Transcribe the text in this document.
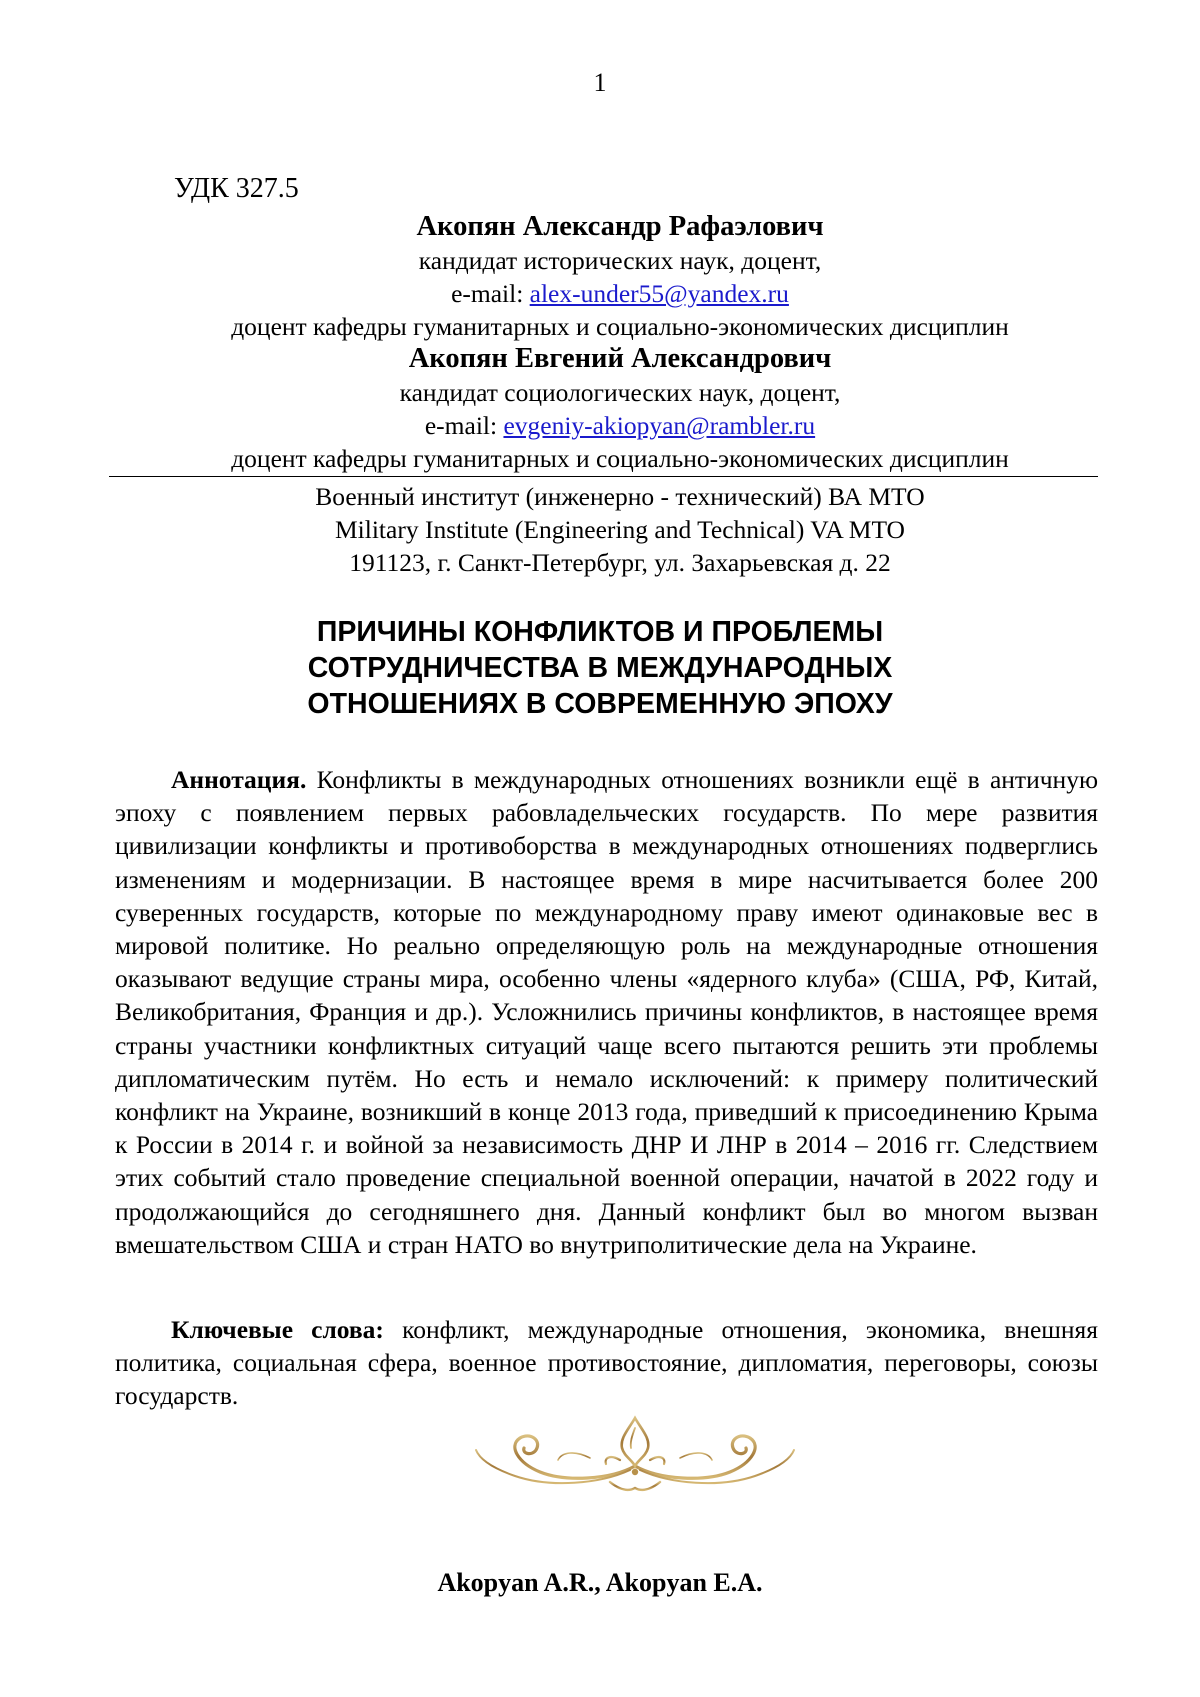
1
УДК 327.5
Акопян Александр Рафаэлович
кандидат исторических наук, доцент,
e-mail: alex-under55@yandex.ru
доцент кафедры гуманитарных и социально-экономических дисциплин
Акопян Евгений Александрович
кандидат социологических наук, доцент,
e-mail: evgeniy-akiopyan@rambler.ru
доцент кафедры гуманитарных и социально-экономических дисциплин
Военный институт (инженерно - технический) ВА МТО
Military Institute (Engineering and Technical) VA MTO
191123, г. Санкт-Петербург, ул. Захарьевская д. 22
ПРИЧИНЫ КОНФЛИКТОВ И ПРОБЛЕМЫ
СОТРУДНИЧЕСТВА В МЕЖДУНАРОДНЫХ
ОТНОШЕНИЯХ В СОВРЕМЕННУЮ ЭПОХУ
Аннотация. Конфликты в международных отношениях возникли ещё в античную эпоху с появлением первых рабовладельческих государств. По мере развития цивилизации конфликты и противоборства в международных отношениях подверглись изменениям и модернизации. В настоящее время в мире насчитывается более 200 суверенных государств, которые по международному праву имеют одинаковые вес в мировой политике. Но реально определяющую роль на международные отношения оказывают ведущие страны мира, особенно члены «ядерного клуба» (США, РФ, Китай, Великобритания, Франция и др.). Усложнились причины конфликтов, в настоящее время страны участники конфликтных ситуаций чаще всего пытаются решить эти проблемы дипломатическим путём. Но есть и немало исключений: к примеру политический конфликт на Украине, возникший в конце 2013 года, приведший к присоединению Крыма к России в 2014 г. и войной за независимость ДНР И ЛНР в 2014 – 2016 гг. Следствием этих событий стало проведение специальной военной операции, начатой в 2022 году и продолжающийся до сегодняшнего дня. Данный конфликт был во многом вызван вмешательством США и стран НАТО во внутриполитические дела на Украине.
Ключевые слова: конфликт, международные отношения, экономика, внешняя политика, социальная сфера, военное противостояние, дипломатия, переговоры, союзы государств.
Akopyan A.R., Akopyan E.A.
